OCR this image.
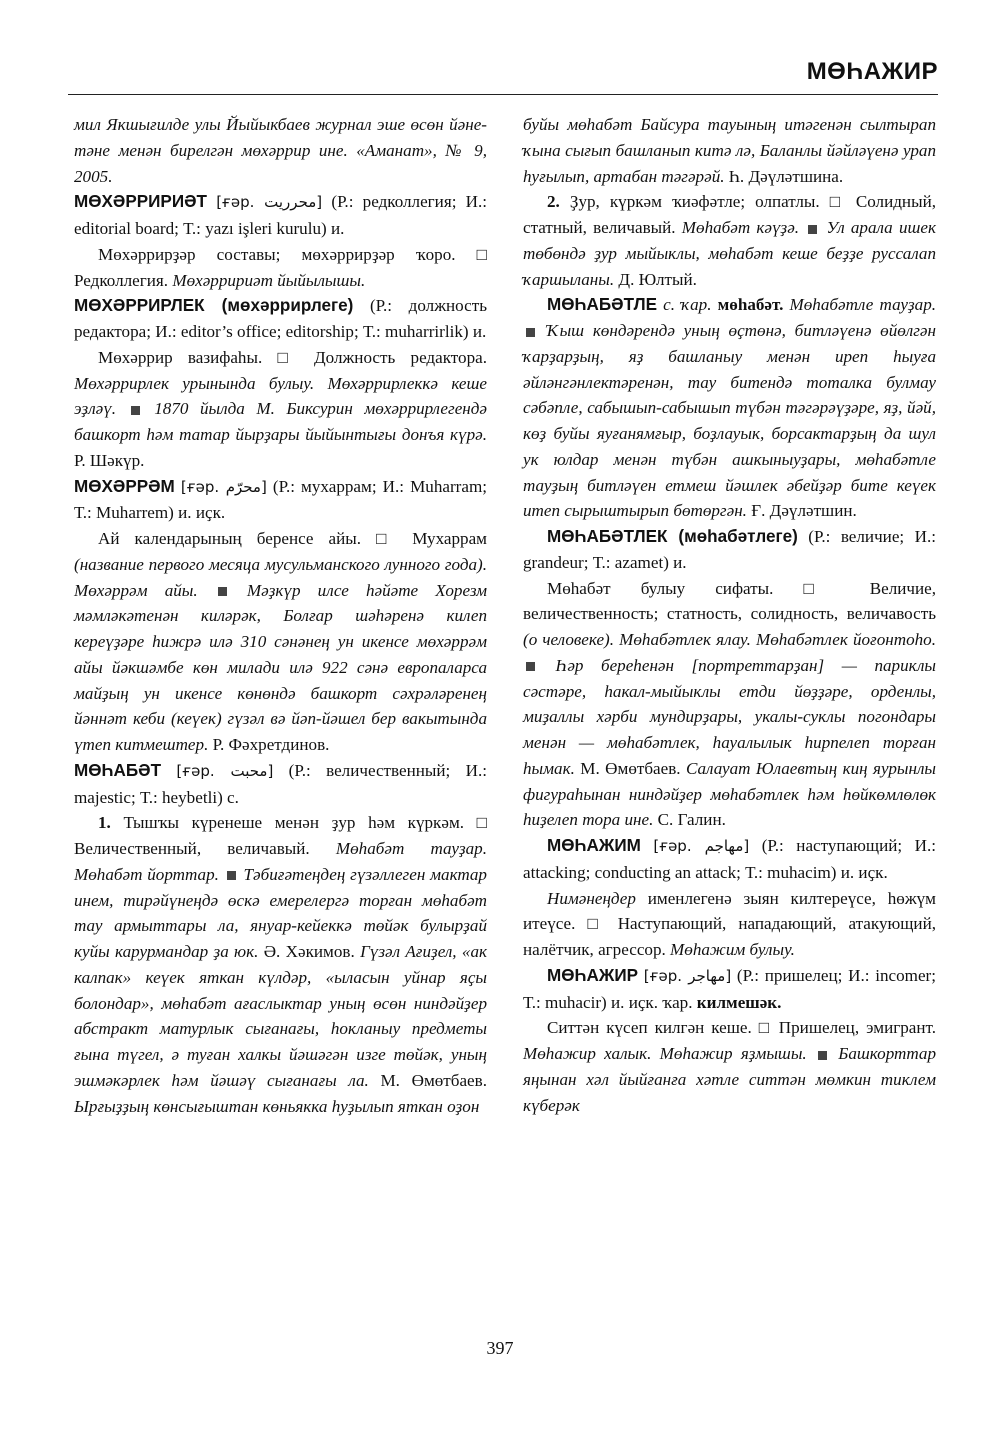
МӨҺАЖИР

мил Якшығилде улы Йыйыкбаев журнал эше өсөн йәне-тәне менән бирелгән мөхәррир ине. «Аманат», № 9, 2005.

МӨХӘРРИРИӘТ [ғәр. محرريت] (Р.: редколлегия; И.: editorial board; Т.: yazı işleri kurulu) и.

Мөхәррирҙәр составы; мөхәррирҙәр ҡоро. □ Редколлегия. Мөхәрририәт йыйылышы.

МӨХӘРРИРЛЕК (мөхәррирлеге) (Р.: должность редактора; И.: editor’s office; editorship; Т.: muharrirlik) и.

Мөхәррир вазифаһы. □ Должность редактора. Мөхәррирлек урынында булыу. Мөхәррирлеккә кеше эҙләү.  1870 йылда М. Биксурин мөхәррирлегендә башкорт һәм татар йырҙары йыйынтығы донъя күрә. Р. Шәкүр.

МӨХӘРРӘМ [ғәр. محرّم] (Р.: мухаррам; И.: Muharram; Т.: Muharrem) и. иҫк.

Ай календарының беренсе айы. □ Мухаррам (название первого месяца мусульманского лунного года). Мөхәррәм айы.  Мәҙкүр илсе һәйәте Хорезм мәмләкәтенән киләрәк, Болғар шәһәренә килеп кереүҙәре һижрә илә 310 сәнәнең ун икенсе мөхәррәм айы йәкшәмбе көн милади илә 922 сәнә европаларса майҙың ун икенсе көнөндә башкорт сәхрәләренең йәннәт кеби (кеүек) гүзәл вә йәп-йәшел бер вакытында үтеп китмештер. Р. Фәхретдинов.

МӨҺАБӘТ [ғәр. محبت] (Р.: величественный; И.: majestic; Т.: heybetli) с.

1. Тышҡы күренеше менән ҙур һәм күркәм. □ Величественный, величавый. Мөһабәт тауҙар. Мөһабәт йорттар.  Тәбиғәтеңдең гүзәллеген мактар инем, тирәйүнеңдә өскә емерелергә торған мөһабәт тау армыттары ла, януар-кейеккә төйәк булырҙай куйы карурмандар ҙа юк. Ә. Хәкимов. Гүзәл Ағиҙел, «ак калпак» кеүек яткан күлдәр, «ыласын уйнар яҫы болондар», мөһабәт ағаслыктар уның өсөн ниндәйҙер абстракт матурлык сығанағы, һокланыу предметы ғына түгел, ә туған халкы йәшәгән изге төйәк, уның эшмәкәрлек һәм йәшәү сығанағы ла. М. Өмөтбаев. Ырғыҙҙың көнсығыштан көньякка һуҙылып яткан оҙон

буйы мөһабәт Байсура тауының итәгенән сылтырап ҡына сығып башланып китә лә, Баланлы йәйләүенә урап һуғылып, артабан тәгәрәй. Һ. Дәүләтшина.

2. Ҙур, күркәм ҡиәфәтле; олпатлы. □ Солидный, статный, величавый. Мөһабәт кәүҙә.  Ул арала ишек төбөндә ҙур мыйыклы, мөһабәт кеше беҙҙе руссалап ҡаршыланы. Д. Юлтый.

МӨҺАБӘТЛЕ с. ҡар. мөһабәт. Мөһабәтле тауҙар.  Ҡыш көндәрендә уның өҫтөнә, битләүенә өйөлгән ҡарҙарҙың, яҙ башланыу менән иреп һыуға әйләнгәнлектәренән, тау битендә тоталка булмау сәбәпле, сабышып-сабышып түбән тәгәрәүҙәре, яҙ, йәй, көҙ буйы яуғанямғыр, боҙлауык, борсактарҙың да шул ук юлдар менән түбән ашкыныуҙары, мөһабәтле тауҙың битләүен етмеш йәшлек әбейҙәр бите кеүек итеп сырыштырып бөтөргән. Ғ. Дәүләтшин.

МӨҺАБӘТЛЕК (мөһабәтлеге) (Р.: величие; И.: grandeur; Т.: azamet) и.

Мөһабәт булыу сифаты. □ Величие, величественность; статность, солидность, величавость (о человеке). Мөһабәтлек ялау. Мөһабәтлек йоғонтоһо.  Һәр береһенән [портреттарҙан] — париклы сәстәре, һакал-мыйыклы етди йөҙҙәре, орденлы, миҙаллы хәрби мундирҙары, укалы-суклы погондары менән — мөһабәтлек, һауалылык һирпелеп торған һымак. М. Өмөтбаев. Салауат Юлаевтың киң яурынлы фигураһынан ниндәйҙер мөһабәтлек һәм һөйкөмлөлөк һиҙелеп тора ине. С. Галин.

МӨҺАЖИМ [ғәр. مهاجم] (Р.: наступающий; И.: attacking; conducting an attack; Т.: muhacim) и. иҫк.

Нимәнеңдер именлегенә зыян килтереүсе, һөжүм итеүсе. □ Наступающий, нападающий, атакующий, налётчик, агрессор. Мөһажим булыу.

МӨҺАЖИР [ғәр. مهاجر] (Р.: пришелец; И.: incomer; Т.: muhacir) и. иҫк. ҡар. килмешәк.

Ситтән күсеп килгән кеше. □ Пришелец, эмигрант. Мөһажир халык. Мөһажир яҙмышы.  Башкорттар яңынан хәл йыйғанға хәтле ситтән мөмкин тиклем күберәк

397
